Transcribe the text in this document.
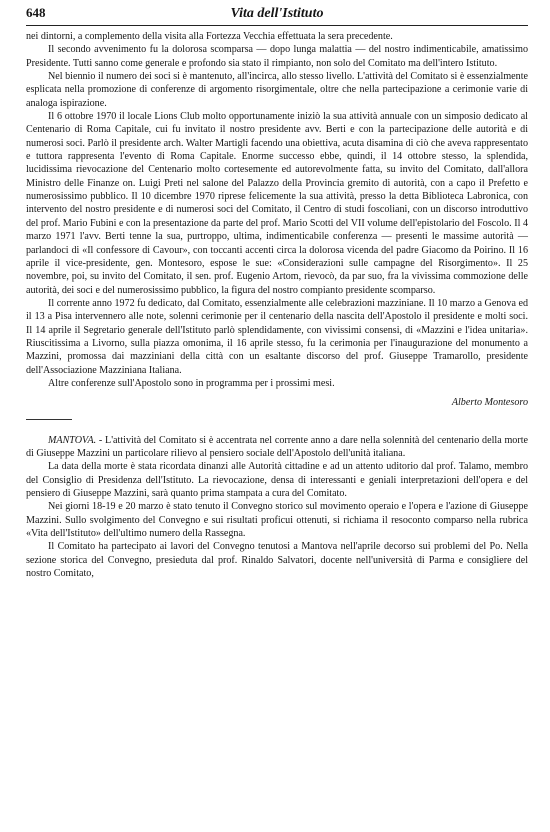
648	Vita dell'Istituto

nei dintorni, a complemento della visita alla Fortezza Vecchia effettuata la sera precedente.

Il secondo avvenimento fu la dolorosa scomparsa — dopo lunga malattia — del nostro indimenticabile, amatissimo Presidente. Tutti sanno come generale e profondo sia stato il rimpianto, non solo del Comitato ma dell'intero Istituto.

Nel biennio il numero dei soci si è mantenuto, all'incirca, allo stesso livello. L'attività del Comitato si è essenzialmente esplicata nella promozione di conferenze di argomento risorgimentale, oltre che nella partecipazione a cerimonie varie di analoga ispirazione.

Il 6 ottobre 1970 il locale Lions Club molto opportunamente iniziò la sua attività annuale con un simposio dedicato al Centenario di Roma Capitale, cui fu invitato il nostro presidente avv. Berti e con la partecipazione delle autorità e di numerosi soci. Parlò il presidente arch. Walter Martigli facendo una obiettiva, acuta disamina di ciò che aveva rappresentato e tuttora rappresenta l'evento di Roma Capitale. Enorme successo ebbe, quindi, il 14 ottobre stesso, la splendida, lucidissima rievocazione del Centenario molto cortesemente ed autorevolmente fatta, su invito del Comitato, dall'allora Ministro delle Finanze on. Luigi Preti nel salone del Palazzo della Provincia gremito di autorità, con a capo il Prefetto e numerosissimo pubblico. Il 10 dicembre 1970 riprese felicemente la sua attività, presso la detta Biblioteca Labronica, con intervento del nostro presidente e di numerosi soci del Comitato, il Centro di studi foscoliani, con un discorso introduttivo del prof. Mario Fubini e con la presentazione da parte del prof. Mario Scotti del VII volume dell'epistolario del Foscolo. Il 4 marzo 1971 l'avv. Berti tenne la sua, purtroppo, ultima, indimenticabile conferenza — presenti le massime autorità — parlandoci di «Il confessore di Cavour», con toccanti accenti circa la dolorosa vicenda del padre Giacomo da Poirino. Il 16 aprile il vice-presidente, gen. Montesoro, espose le sue: «Considerazioni sulle campagne del Risorgimento». Il 25 novembre, poi, su invito del Comitato, il sen. prof. Eugenio Artom, rievocò, da par suo, fra la vivissima commozione delle autorità, dei soci e del numerosissimo pubblico, la figura del nostro compianto presidente scomparso.

Il corrente anno 1972 fu dedicato, dal Comitato, essenzialmente alle celebrazioni mazziniane. Il 10 marzo a Genova ed il 13 a Pisa intervennero alle note, solenni cerimonie per il centenario della nascita dell'Apostolo il presidente e molti soci. Il 14 aprile il Segretario generale dell'Istituto parlò splendidamente, con vivissimi consensi, di «Mazzini e l'idea unitaria». Riuscitissima a Livorno, sulla piazza omonima, il 16 aprile stesso, fu la cerimonia per l'inaugurazione del monumento a Mazzini, promossa dai mazziniani della città con un esaltante discorso del prof. Giuseppe Tramarollo, presidente dell'Associazione Mazziniana Italiana.

Altre conferenze sull'Apostolo sono in programma per i prossimi mesi.

Alberto Montesoro

MANTOVA. - L'attività del Comitato si è accentrata nel corrente anno a dare nella solennità del centenario della morte di Giuseppe Mazzini un particolare rilievo al pensiero sociale dell'Apostolo dell'unità italiana.

La data della morte è stata ricordata dinanzi alle Autorità cittadine e ad un attento uditorio dal prof. Talamo, membro del Consiglio di Presidenza dell'Istituto. La rievocazione, densa di interessanti e geniali interpretazioni dell'opera e del pensiero di Giuseppe Mazzini, sarà quanto prima stampata a cura del Comitato.

Nei giorni 18-19 e 20 marzo è stato tenuto il Convegno storico sul movimento operaio e l'opera e l'azione di Giuseppe Mazzini. Sullo svolgimento del Convegno e sui risultati proficui ottenuti, si richiama il resoconto comparso nella rubrica «Vita dell'Istituto» dell'ultimo numero della Rassegna.

Il Comitato ha partecipato ai lavori del Convegno tenutosi a Mantova nell'aprile decorso sui problemi del Po. Nella sezione storica del Convegno, presieduta dal prof. Rinaldo Salvatori, docente nell'università di Parma e consigliere del nostro Comitato,
